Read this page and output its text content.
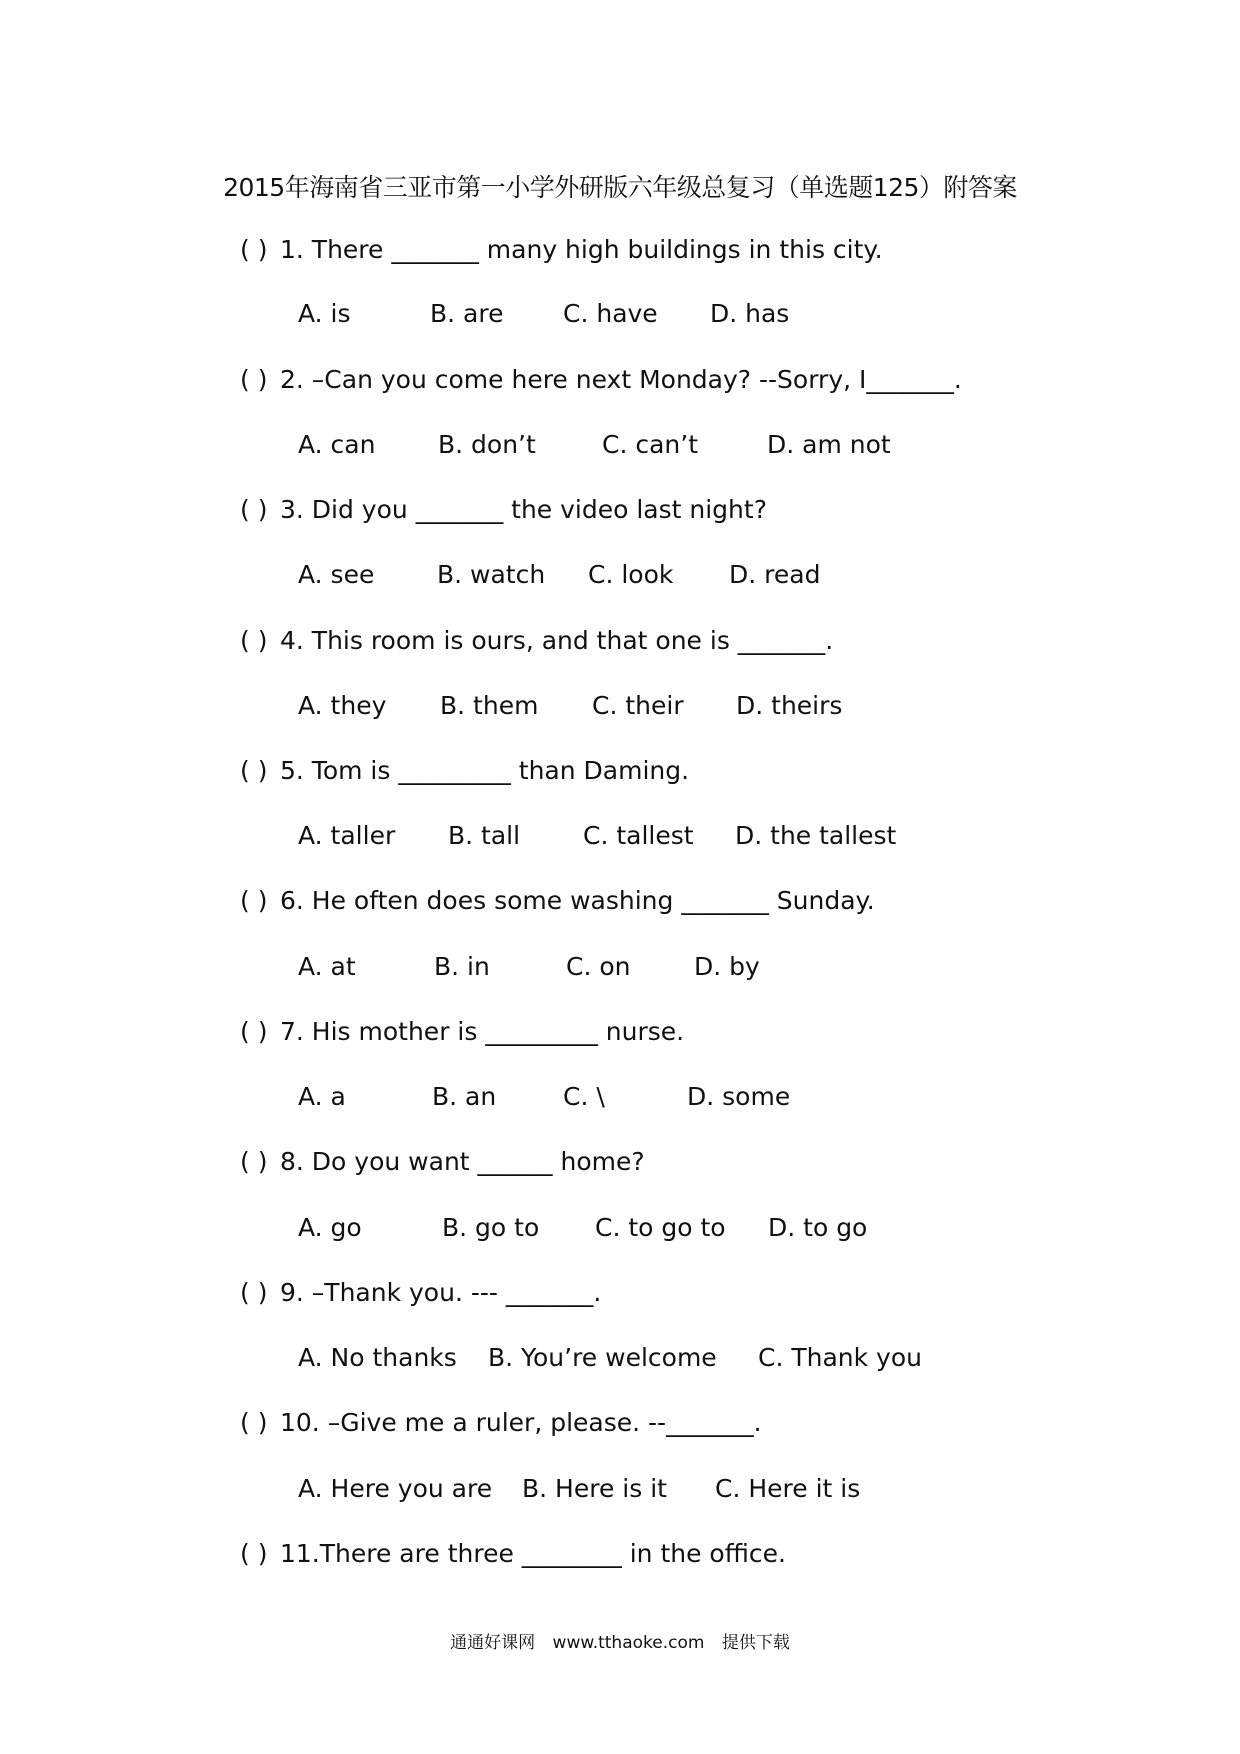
2015年海南省三亚市第一小学外研版六年级总复习（单选题125）附答案
( ) 1. There _______ many high buildings in this city.
A. is	B. are C. have D. has
( ) 2. –Can you come here next Monday? --Sorry, I_______.
A. can	B. don’t	C. can’t	D. am not
( ) 3. Did you _______ the video last night?
A. see	B. watch C. look D. read
( ) 4. This room is ours, and that one is _______.
A. they B. them C. their D. theirs
( ) 5. Tom is _________ than Daming.
A. taller B. tall	C. tallest D. the tallest
( ) 6. He often does some washing _______ Sunday.
A. at	B. in	C. on	D. by
( ) 7. His mother is _________ nurse.
A. a	B. an	C. \	D. some
( ) 8. Do you want ______ home?
A. go	B. go to C. to go to D. to go
( ) 9. –Thank you. --- _______.
A. No thanks B. You’re welcome C. Thank you
( ) 10. –Give me a ruler, please. --_______.
A. Here you are B. Here is it C. Here it is
( ) 11.There are three ________ in the office.
通通好课网 www.tthaoke.com 提供下载
